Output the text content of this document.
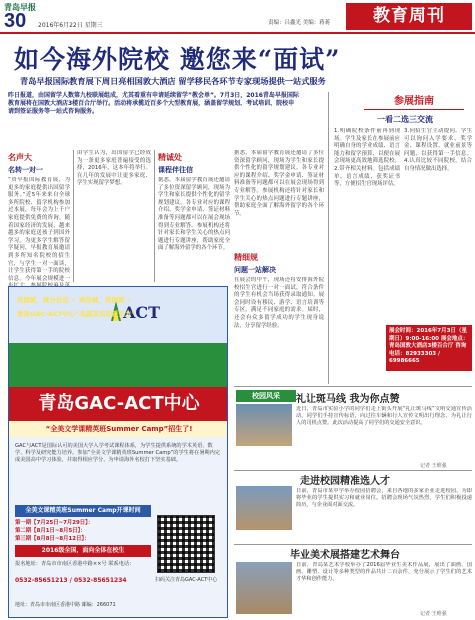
青岛早报
30 2016年6月22日 星期三	责编：吕鑫光 美编：蒋蒋	教育周刊
如今海外院校 邀您来“面试”
青岛早报国际教育展下周日亮相国敦大酒店 留学移民各环节专家现场提供一站式服务
昨日报道，由国留学人数第九校联展组成，尤其看重有申请延续留学”教会单”。7月3日，2016青岛早报国际教育展将在国敦大酒店3楼百合厅举行。活动将承揽近百多个大型教育展，涵盖留学规划、考试培训、院校申请到签证服务等一站式咨询服务。
名声大
名转一对一
“资早报国际教育展，为更多的家庭提供出国留学服务。”近5年来来自全球多所院校、留学机构参加过本展，每年会为上千户家庭提供免费的咨询。随着国家经济的发展，越来越多的家庭送孩子到国外学习。为更多学生解答留学疑问，早报教育展邀请到多所知名院校的招生官，与学生一对一面谈，让学生获得第一手的院校信息。今年展会规模进一
由学生认为，出国留学已经成为一条更多家庭普遍接受的选择，2016年，这本年将举行。在几年的发展中让更多家庭、学生实现留学梦想。
精诚处
课程伴往信
据悉，本届留学教育展还邀请了多位资深留学顾问，现场为学生和家长提供个性化的留学规划建议。各专业对应的课程介绍、奖学金申请、签证材料准备等问题都可以在展会现场得到专业解答。参展机构还将针对家长和学生关心的热点问题进行专题讲座，帮助家庭全面了解海外留学的各个环节。
据悉，本届留学教育展还邀请了多位资深留学顾问，现场为学生和家长提供个性化的留学规划建议。各专业对应的课程介绍、奖学金申请、签证材料准备等问题都可以在展会现场得到专业解答。参展机构还将针对家长和学生关心的热点问题进行专题讲座，帮助家庭全面了解海外留学的各个环节。
精细规
问题一站解决
在展会的中午，现场还将安排海外院校招生官进行一对一面试，符合条件的学生有机会当场获得录取通知。展会同时设有移民、游学、语言培训等专区，满足不同家庭的需求。届时，还会有众多留学成功的学生现身说法，分享留学经验。
参展指南
一看二选三交流
1.明确院校条件前再到现场。学生及家长在参展前应明确自身的学业成绩、语言能力和留学预算，以便在展会现场更高效地筛选院校。2.带齐相关材料。包括成绩单、语言成绩、获奖证书等，方便招生官现场评估。
3.向招生官主动提问。学生可以询问入学要求、奖学金、课程设置、就业前景等问题，以获得第一手信息。4.认真比较不同院校，结合自身情况做出选择。
展会时间：2016年7月3日（星期日）9:00-16:00 展会地点：青岛国敦大酒店3楼百合厅 咨询电话：82933303 / 69986665
ACT
美国就，就分处论 ✓ 美法就，美国就 ✓
青岛GAC-ACT中心“名副其实的新东方”
青岛GAC-ACT中心
“全美文学课精英班Summer Camp”招生了!
GAC与ACT是国际认可的美国大学入学考试课程体系，为学生提供系统的学术英语、数学、科学及研究能力培养。参加“全美文学课精英班Summer Camp”的学生将在暑期内完成美国高中学习体验，并取得相应学分，为申请海外名校打下坚实基础。
全美文课精英班Summer Camp开课时间
第一期【7月25日~7月29日】：
第二期【8月1日~8月5日】：
第三期【8月8日~8月12日】：
2016级全国，面向全体在校生
报名地址：青岛市市南区香港中路××号 联系电话：
0532-85651213 / 0532-85651234	扫码关注青岛GAC-ACT中心
地址：青岛市市南区香港中路 邮编：266071
校园风采	礼让斑马线 我为你点赞
近日，青岛市实验小学的同学们走上街头开展“礼让斑马线”文明交通宣传活动。同学们手持宣传标语，向过往车辆和行人宣传文明出行理念，为礼让行人的司机点赞。此次活动提高了同学们的交通安全意识。
记者 王维强
走进校园精准选人才
日前，青岛市某中学举办校园招聘会，来自各地的多家企业走进校园，为即将毕业的学生提供实习和就业岗位。招聘会现场气氛热烈，学生们积极投递简历，与企业面对面交流。
毕业美术展搭建艺术舞台
日前，青岛某艺术学校举办了2016届毕业生美术作品展，展出了油画、国画、雕塑、设计等多种类型的作品共计二百余件，充分展示了学生们的艺术才华和创作能力。
记者 王维强
